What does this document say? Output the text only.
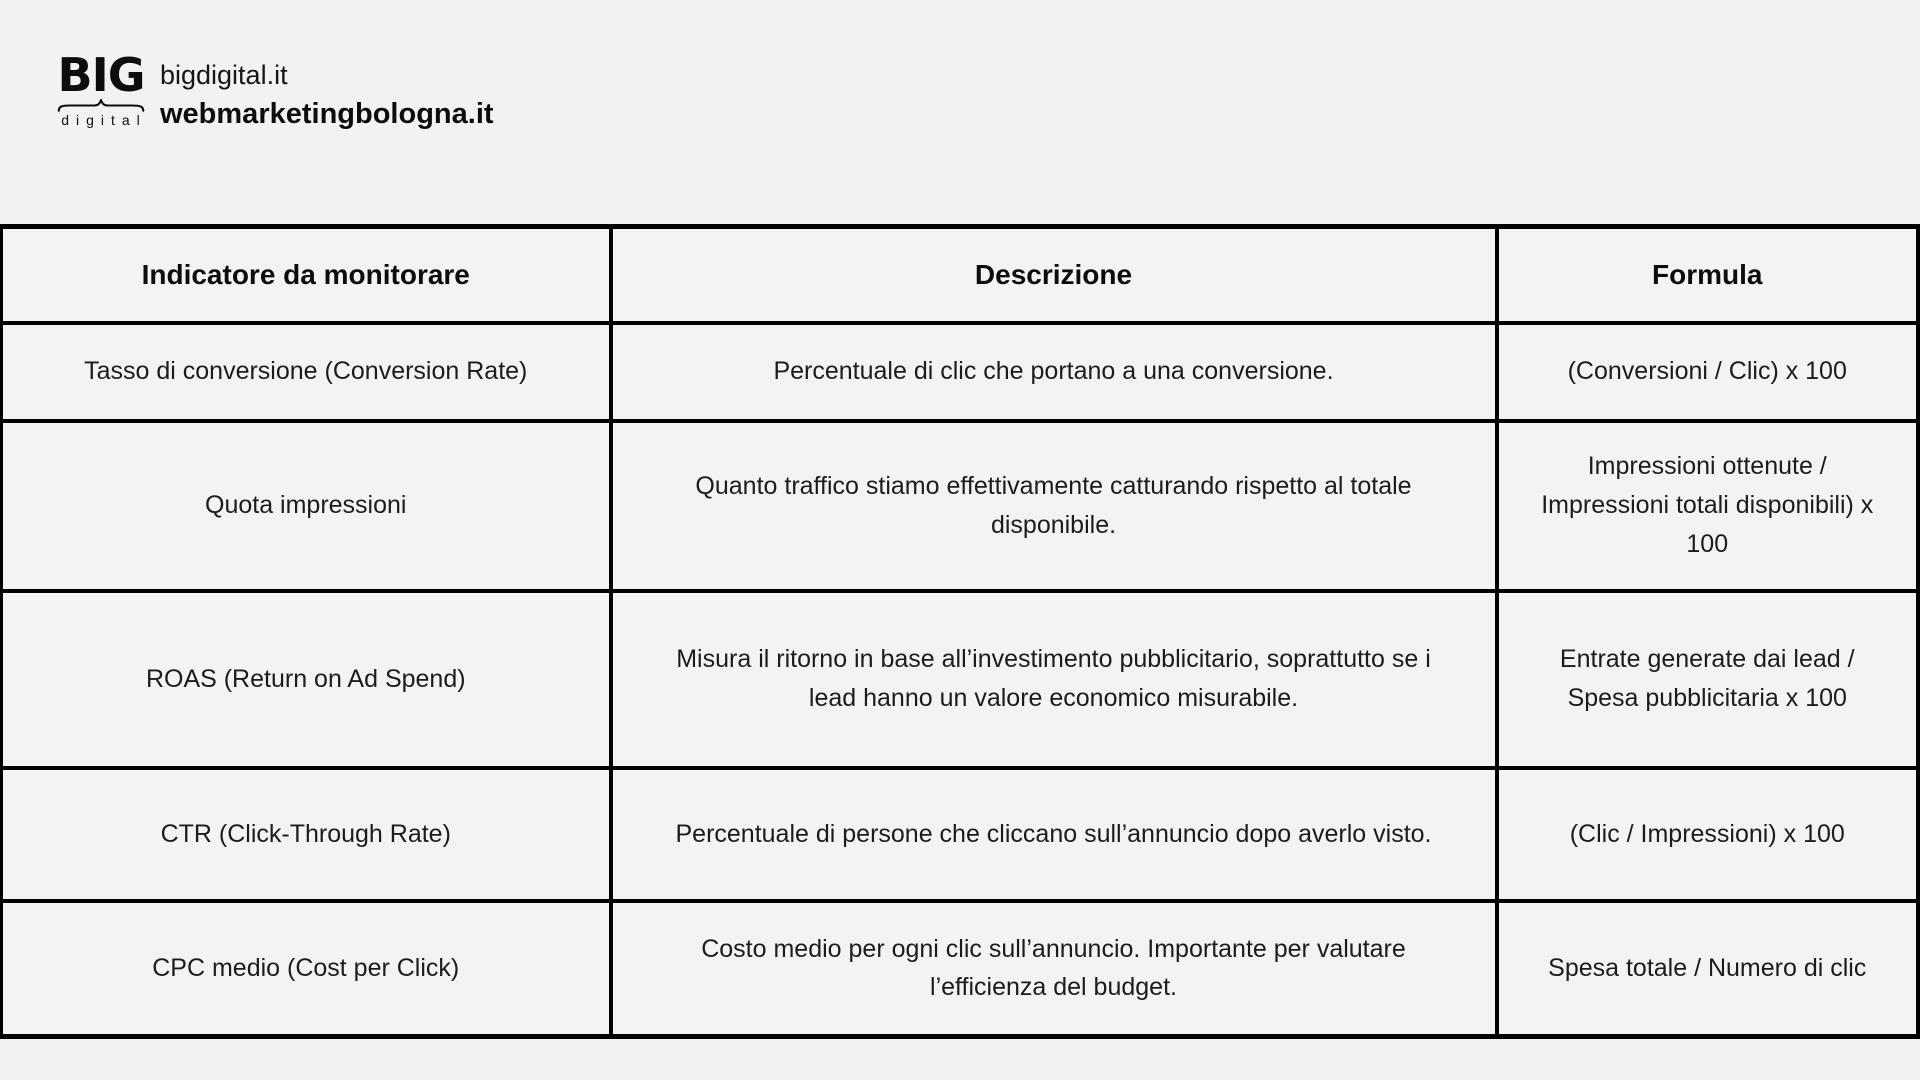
BIG
digital
bigdigital.it
webmarketingbologna.it
Indicatore da monitorare	Descrizione	Formula
Tasso di conversione (Conversion Rate)	Percentuale di clic che portano a una conversione.	(Conversioni / Clic) x 100
Quota impressioni	Quanto traffico stiamo effettivamente catturando rispetto al totale disponibile.	Impressioni ottenute / Impressioni totali disponibili) x 100
ROAS (Return on Ad Spend)	Misura il ritorno in base all’investimento pubblicitario, soprattutto se i lead hanno un valore economico misurabile.	Entrate generate dai lead / Spesa pubblicitaria x 100
CTR (Click-Through Rate)	Percentuale di persone che cliccano sull’annuncio dopo averlo visto.	(Clic / Impressioni) x 100
CPC medio (Cost per Click)	Costo medio per ogni clic sull’annuncio. Importante per valutare l’efficienza del budget.	Spesa totale / Numero di clic
